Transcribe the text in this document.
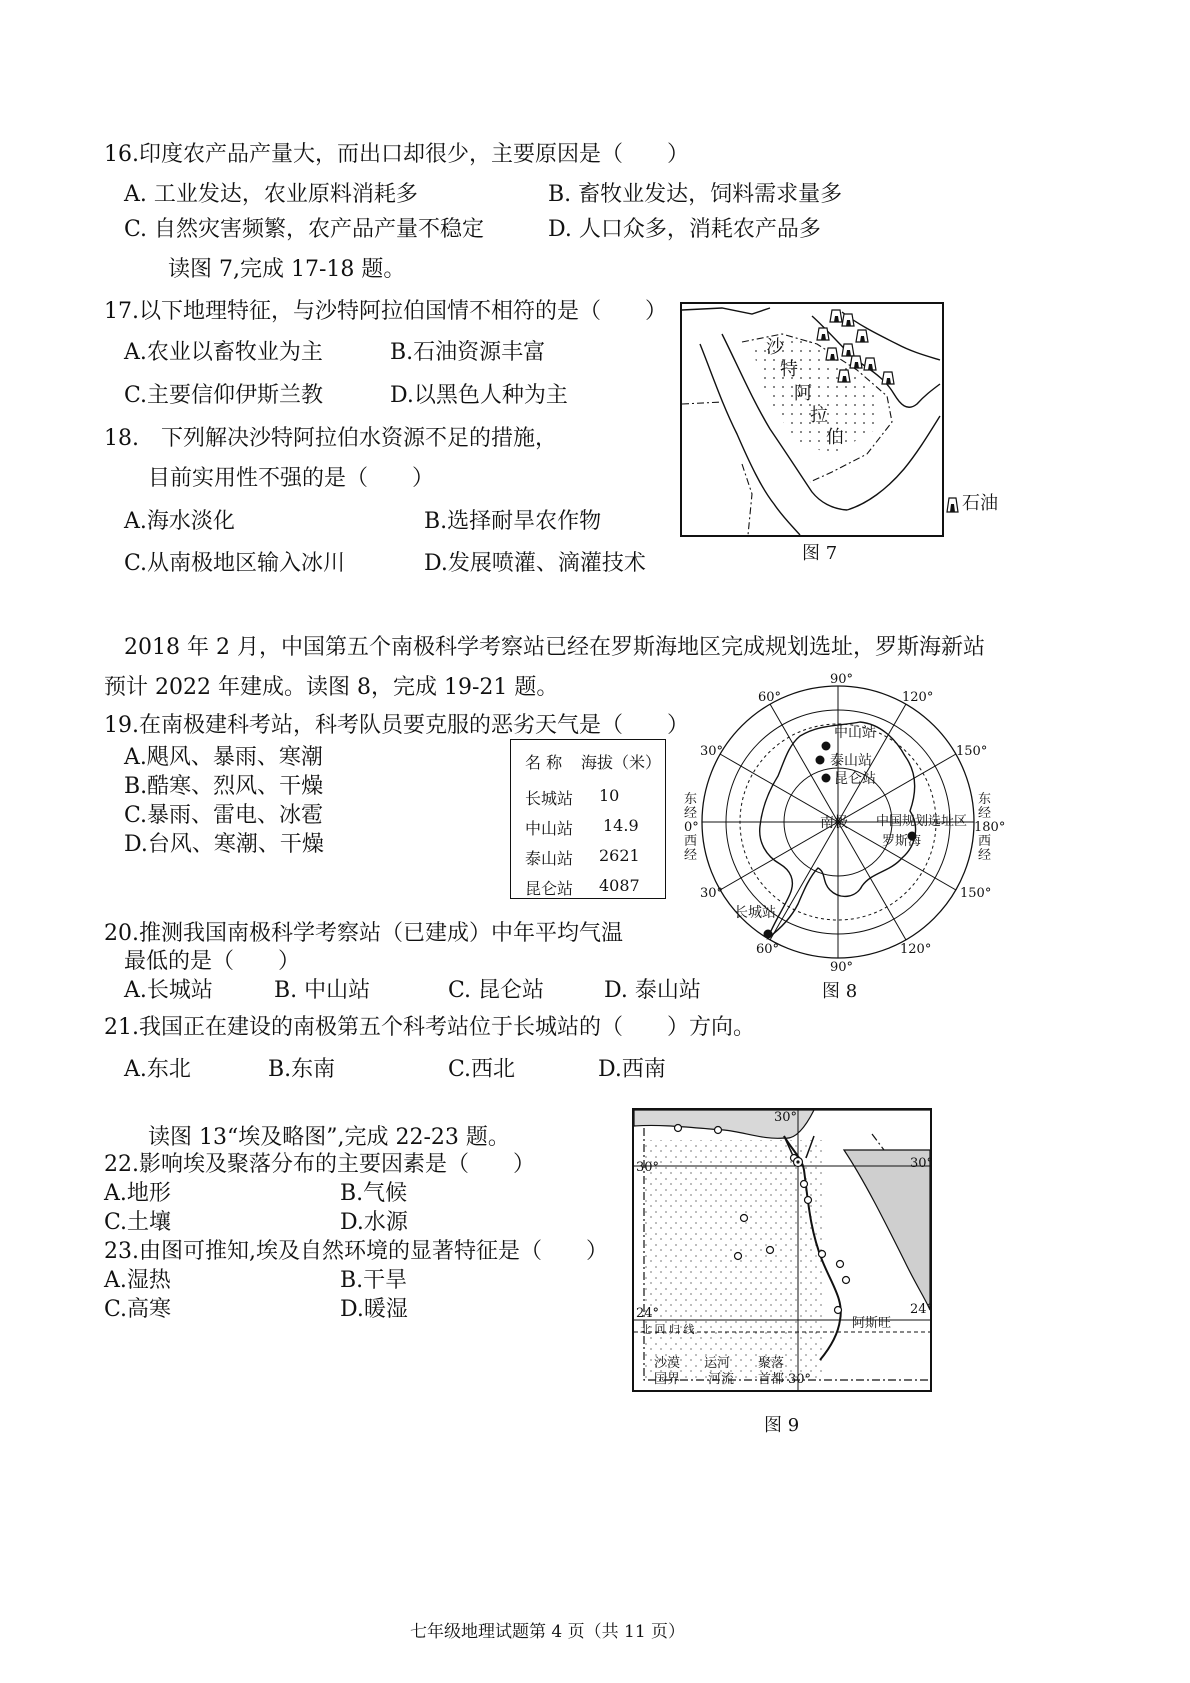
16.印度农产品产量大，而出口却很少，主要原因是（　　）
A. 工业发达，农业原料消耗多	B. 畜牧业发达，饲料需求量多
C. 自然灾害频繁，农产品产量不稳定	D. 人口众多，消耗农产品多
读图 7,完成 17-18 题。
17.以下地理特征，与沙特阿拉伯国情不相符的是（　　）
A.农业以畜牧业为主	B.石油资源丰富
C.主要信仰伊斯兰教	D.以黑色人种为主
18.　下列解决沙特阿拉伯水资源不足的措施，
目前实用性不强的是（　　）
A.海水淡化	B.选择耐旱农作物
C.从南极地区输入冰川	D.发展喷灌、滴灌技术
沙
特
阿
拉
伯
石油
图 7
2018 年 2 月，中国第五个南极科学考察站已经在罗斯海地区完成规划选址，罗斯海新站
预计 2022 年建成。读图 8，完成 19-21 题。
19.在南极建科考站，科考队员要克服的恶劣天气是（　　）
A.飓风、暴雨、寒潮
B.酷寒、烈风、干燥
C.暴雨、雷电、冰雹
D.台风、寒潮、干燥
名 称 海拔（米）
长城站 10
中山站 14.9
泰山站 2621
昆仑站 4087
90°
90°
60°	120°
30°	150°
30°	150°
60°	120°
东
经
0°
西
经
东
经
180°
西
经
南极
中山站
泰山站
昆仑站
长城站
中国规划选址区
罗斯海
图 8
20.推测我国南极科学考察站（已建成）中年平均气温
最低的是（　　）
A.长城站	B. 中山站	C. 昆仑站	D. 泰山站
21.我国正在建设的南极第五个科考站位于长城站的（　　）方向。
A.东北	B.东南	C.西北	D.西南
读图 13“埃及略图”,完成 22-23 题。
22.影响埃及聚落分布的主要因素是（　　）
A.地形	B.气候
C.土壤	D.水源
23.由图可推知,埃及自然环境的显著特征是（　　）
A.湿热	B.干旱
C.高寒	D.暖湿
30°
30°	30°
24°	24°
北 回 归 线	阿斯旺
沙漠 运河 聚落
国界 河流 首都 30°
图 9
七年级地理试题第 4 页（共 11 页）
